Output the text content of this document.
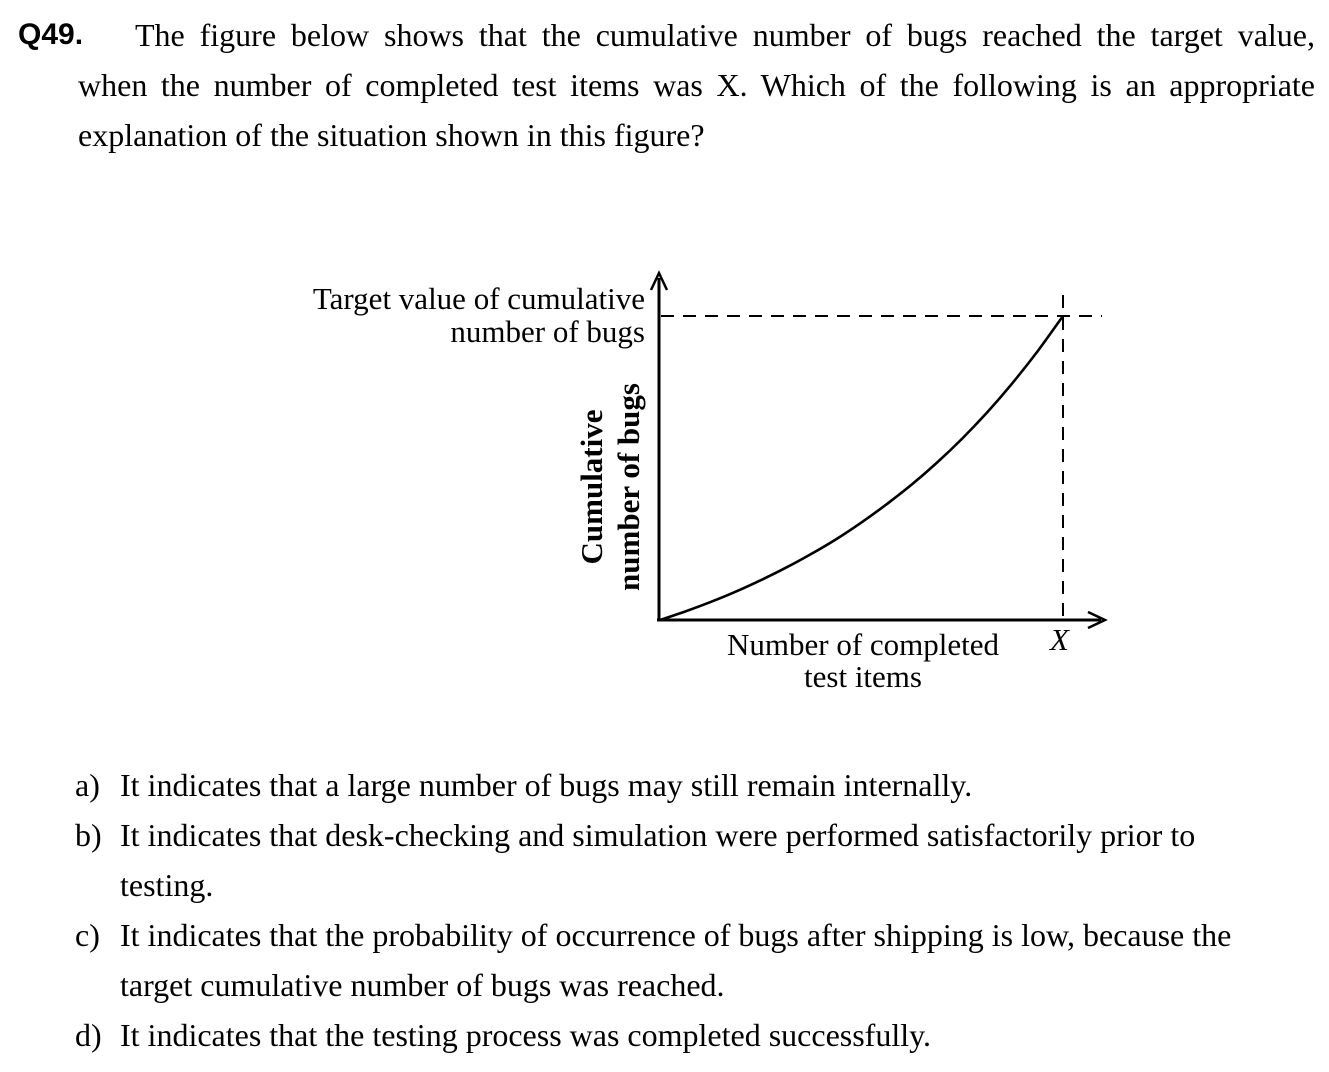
Q49. The figure below shows that the cumulative number of bugs reached the target value,
when the number of completed test items was X. Which of the following is an appropriate
explanation of the situation shown in this figure?
Target value of cumulative
number of bugs
Cumulative number of bugs
Number of completed
test items
X
a) It indicates that a large number of bugs may still remain internally.
b) It indicates that desk-checking and simulation were performed satisfactorily prior to
testing.
c) It indicates that the probability of occurrence of bugs after shipping is low, because the
target cumulative number of bugs was reached.
d) It indicates that the testing process was completed successfully.
